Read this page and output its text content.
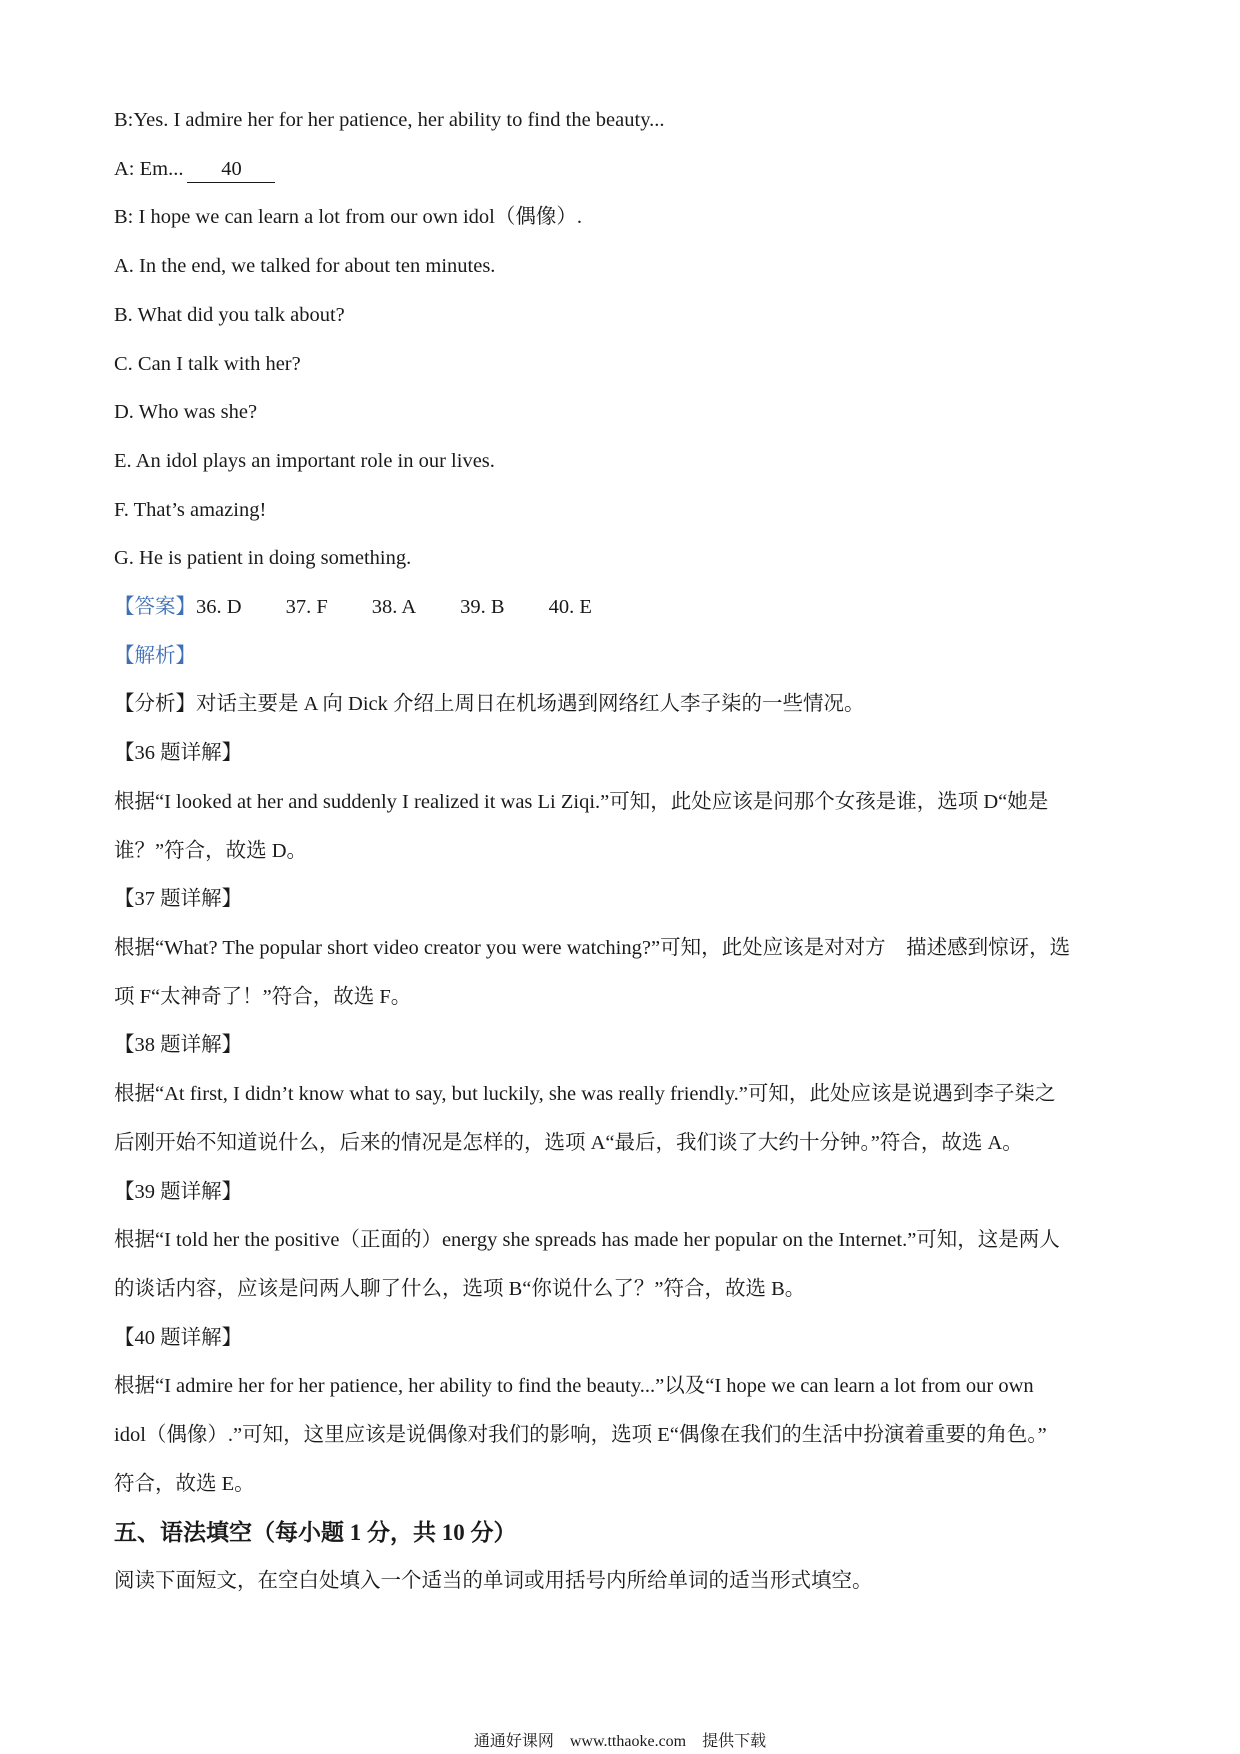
B:Yes. I admire her for her patience, her ability to find the beauty...
A: Em... 40
B: I hope we can learn a lot from our own idol（偶像）.
A. In the end, we talked for about ten minutes.
B. What did you talk about?
C. Can I talk with her?
D. Who was she?
E. An idol plays an important role in our lives.
F. That’s amazing!
G. He is patient in doing something.
【答案】36. D 37. F 38. A 39. B 40. E
【解析】
【分析】对话主要是 A 向 Dick 介绍上周日在机场遇到网络红人李子柒的一些情况。
【36 题详解】
根据“I looked at her and suddenly I realized it was Li Ziqi.”可知，此处应该是问那个女孩是谁，选项 D“她是
谁？”符合，故选 D。
【37 题详解】
根据“What? The popular short video creator you were watching?”可知，此处应该是对对方　描述感到惊讶，选
项 F“太神奇了！”符合，故选 F。
【38 题详解】
根据“At first, I didn’t know what to say, but luckily, she was really friendly.”可知，此处应该是说遇到李子柒之
后刚开始不知道说什么，后来的情况是怎样的，选项 A“最后，我们谈了大约十分钟。”符合，故选 A。
【39 题详解】
根据“I told her the positive（正面的）energy she spreads has made her popular on the Internet.”可知，这是两人
的谈话内容，应该是问两人聊了什么，选项 B“你说什么了？”符合，故选 B。
【40 题详解】
根据“I admire her for her patience, her ability to find the beauty...”以及“I hope we can learn a lot from our own
idol（偶像）.”可知，这里应该是说偶像对我们的影响，选项 E“偶像在我们的生活中扮演着重要的角色。”
符合，故选 E。
五、语法填空（每小题 1 分，共 10 分）
阅读下面短文，在空白处填入一个适当的单词或用括号内所给单词的适当形式填空。
通通好课网　www.tthaoke.com　提供下载
